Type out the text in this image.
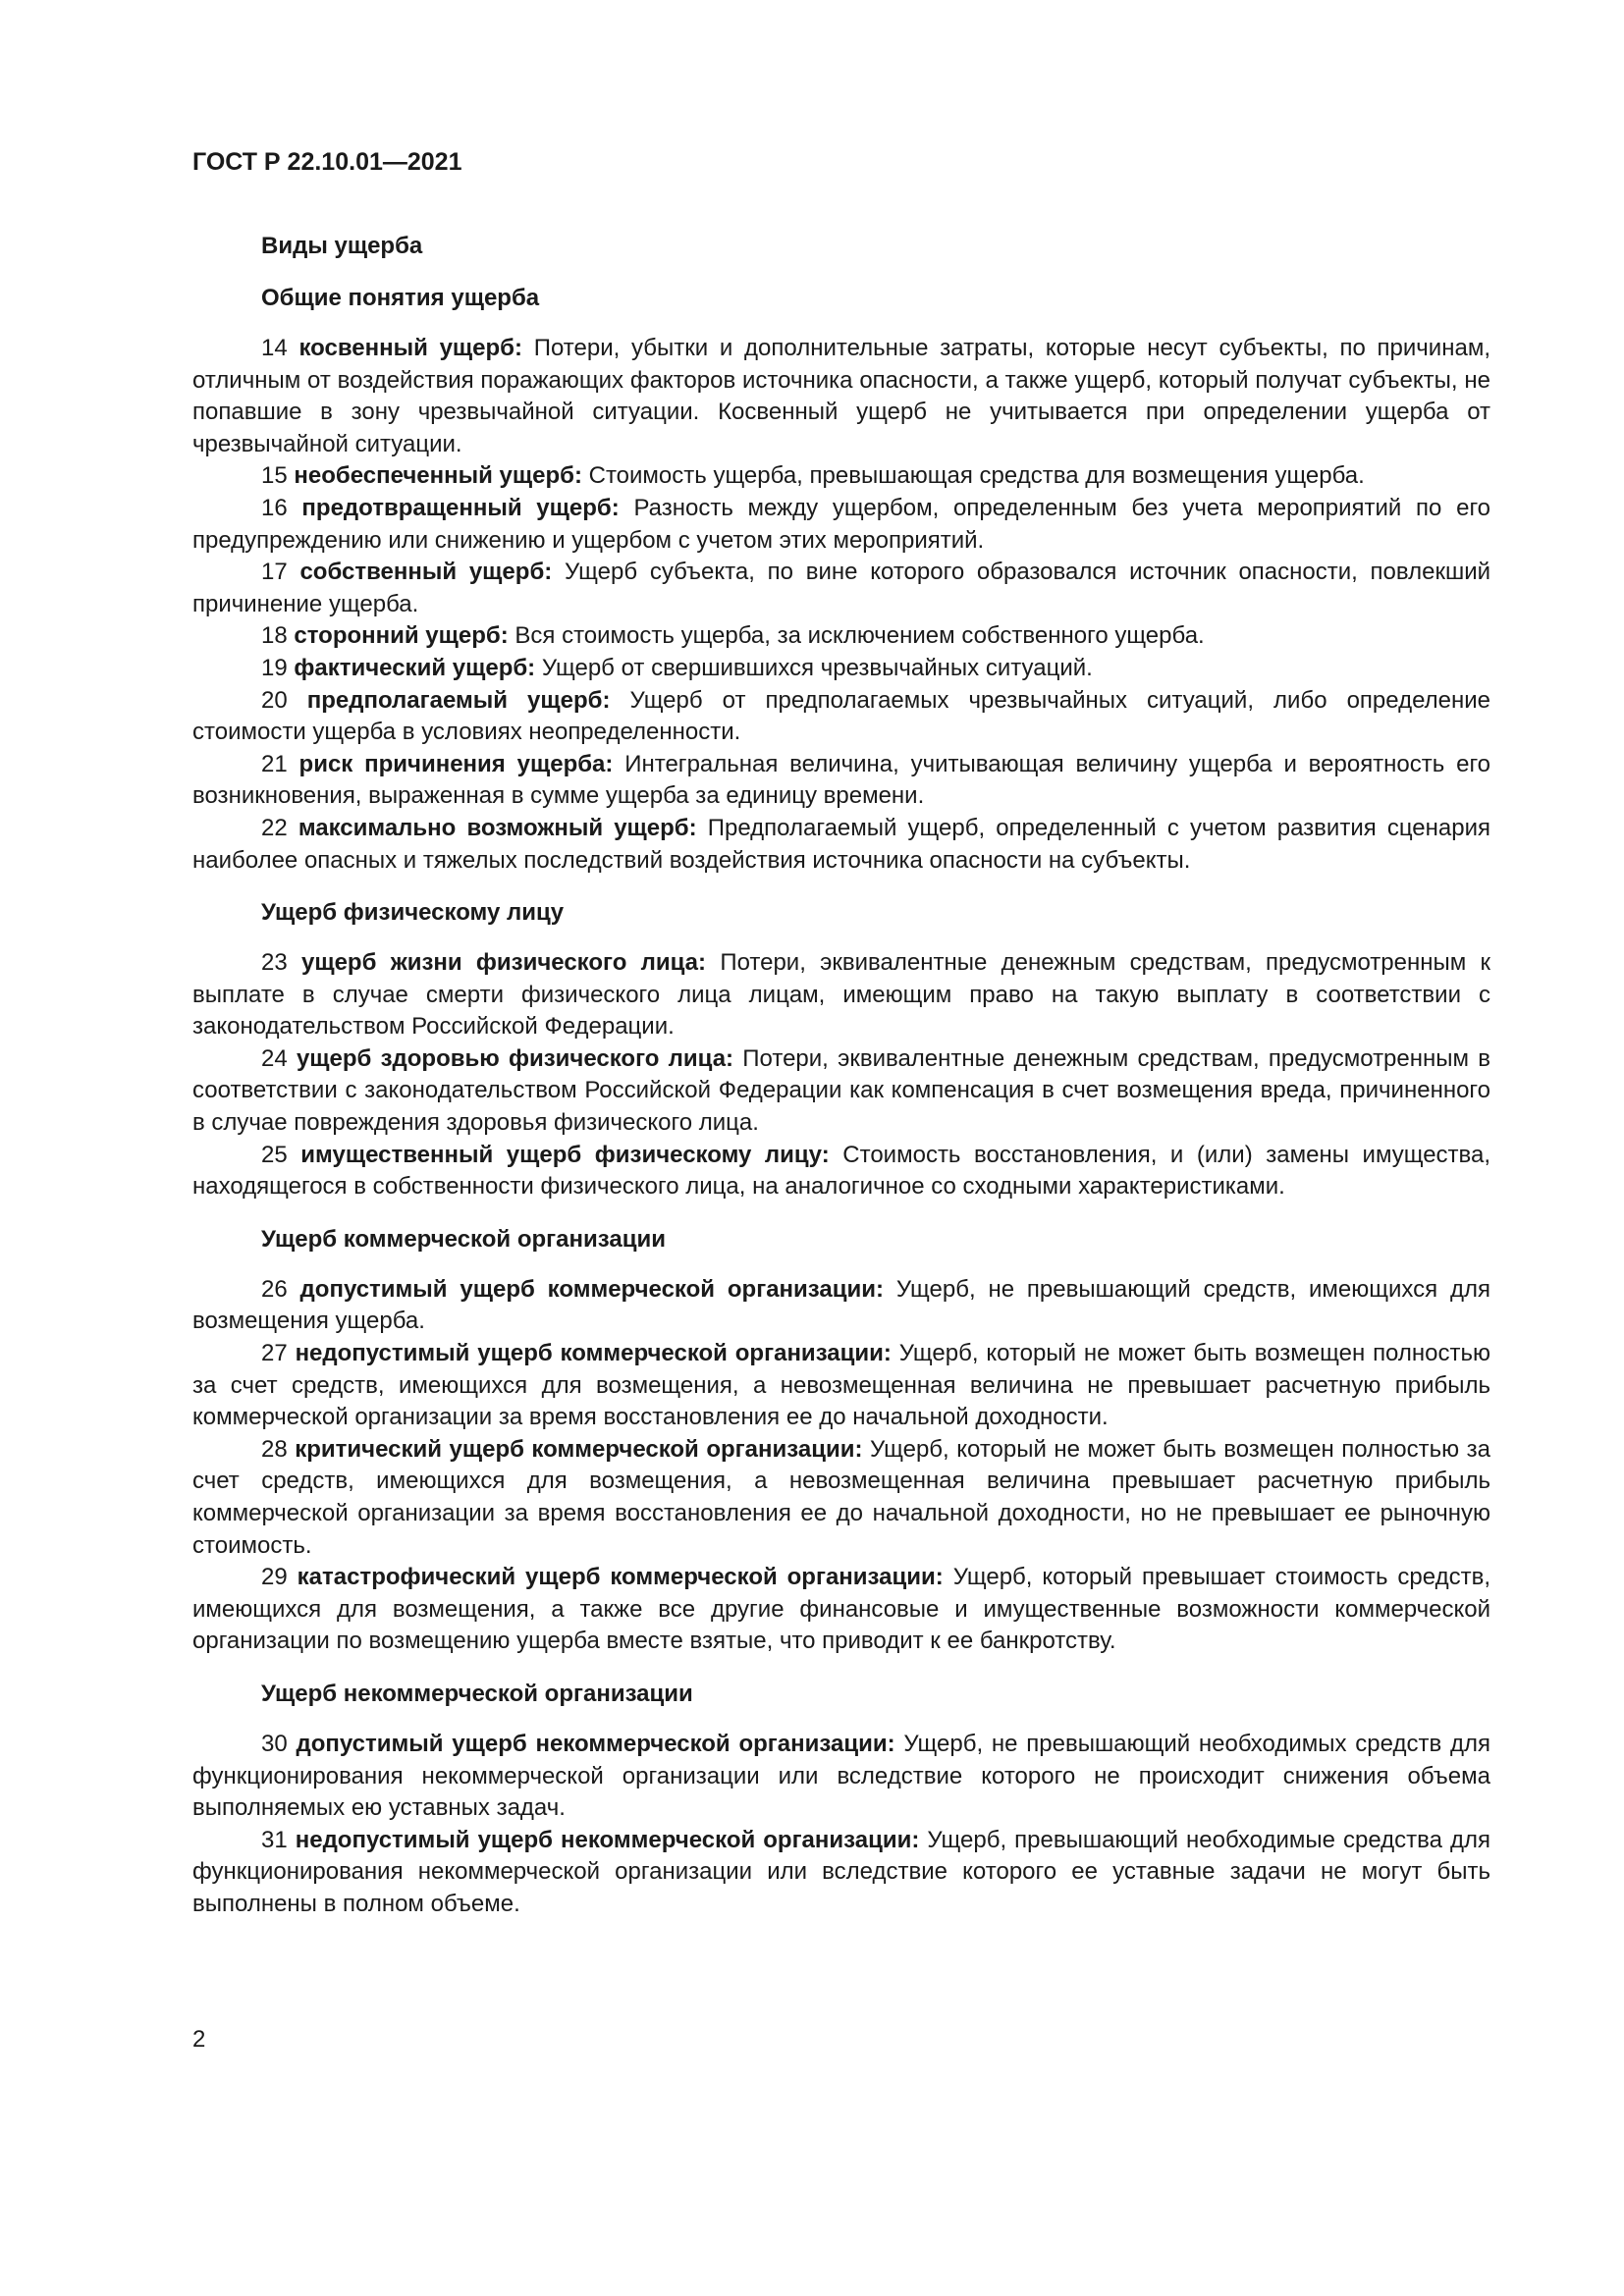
ГОСТ Р 22.10.01—2021
Виды ущерба
Общие понятия ущерба

14 косвенный ущерб: Потери, убытки и дополнительные затраты, которые несут субъекты, по причинам, отличным от воздействия поражающих факторов источника опасности, а также ущерб, который получат субъекты, не попавшие в зону чрезвычайной ситуации. Косвенный ущерб не учитывается при определении ущерба от чрезвычайной ситуации.

15 необеспеченный ущерб: Стоимость ущерба, превышающая средства для возмещения ущерба.

16 предотвращенный ущерб: Разность между ущербом, определенным без учета мероприятий по его предупреждению или снижению и ущербом с учетом этих мероприятий.

17 собственный ущерб: Ущерб субъекта, по вине которого образовался источник опасности, повлекший причинение ущерба.

18 сторонний ущерб: Вся стоимость ущерба, за исключением собственного ущерба.

19 фактический ущерб: Ущерб от свершившихся чрезвычайных ситуаций.

20 предполагаемый ущерб: Ущерб от предполагаемых чрезвычайных ситуаций, либо определение стоимости ущерба в условиях неопределенности.

21 риск причинения ущерба: Интегральная величина, учитывающая величину ущерба и вероятность его возникновения, выраженная в сумме ущерба за единицу времени.

22 максимально возможный ущерб: Предполагаемый ущерб, определенный с учетом развития сценария наиболее опасных и тяжелых последствий воздействия источника опасности на субъекты.

Ущерб физическому лицу

23 ущерб жизни физического лица: Потери, эквивалентные денежным средствам, предусмотренным к выплате в случае смерти физического лица лицам, имеющим право на такую выплату в соответствии с законодательством Российской Федерации.

24 ущерб здоровью физического лица: Потери, эквивалентные денежным средствам, предусмотренным в соответствии с законодательством Российской Федерации как компенсация в счет возмещения вреда, причиненного в случае повреждения здоровья физического лица.

25 имущественный ущерб физическому лицу: Стоимость восстановления, и (или) замены имущества, находящегося в собственности физического лица, на аналогичное со сходными характеристиками.

Ущерб коммерческой организации

26 допустимый ущерб коммерческой организации: Ущерб, не превышающий средств, имеющихся для возмещения ущерба.

27 недопустимый ущерб коммерческой организации: Ущерб, который не может быть возмещен полностью за счет средств, имеющихся для возмещения, а невозмещенная величина не превышает расчетную прибыль коммерческой организации за время восстановления ее до начальной доходности.

28 критический ущерб коммерческой организации: Ущерб, который не может быть возмещен полностью за счет средств, имеющихся для возмещения, а невозмещенная величина превышает расчетную прибыль коммерческой организации за время восстановления ее до начальной доходности, но не превышает ее рыночную стоимость.

29 катастрофический ущерб коммерческой организации: Ущерб, который превышает стоимость средств, имеющихся для возмещения, а также все другие финансовые и имущественные возможности коммерческой организации по возмещению ущерба вместе взятые, что приводит к ее банкротству.

Ущерб некоммерческой организации

30 допустимый ущерб некоммерческой организации: Ущерб, не превышающий необходимых средств для функционирования некоммерческой организации или вследствие которого не происходит снижения объема выполняемых ею уставных задач.

31 недопустимый ущерб некоммерческой организации: Ущерб, превышающий необходимые средства для функционирования некоммерческой организации или вследствие которого ее уставные задачи не могут быть выполнены в полном объеме.

2
